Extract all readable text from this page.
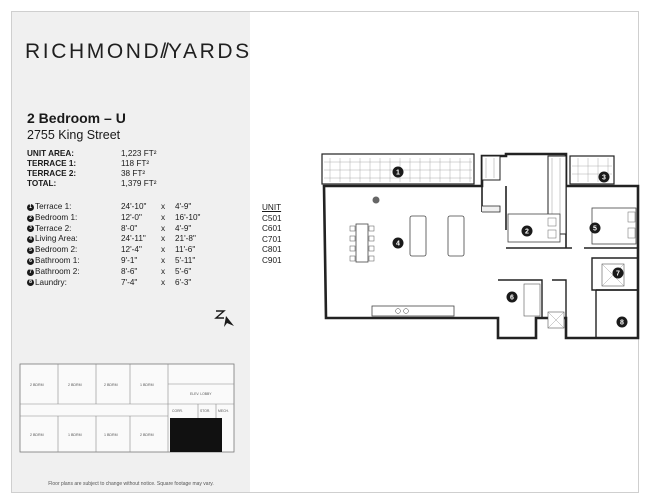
RICHMOND//YARDS
2 Bedroom – U
2755 King Street
UNIT AREA:	1,223 FT²
TERRACE 1:	118 FT²
TERRACE 2:	38 FT²
TOTAL:	1,379 FT²
1 Terrace 1:	24'-10"	x	4'-9"
2 Bedroom 1:	12'-0"	x	16'-10"
3 Terrace 2:	8'-0"	x	4'-9"
4 Living Area:	24'-11"	x	21'-8"
5 Bedroom 2:	12'-4"	x	11'-6"
6 Bathroom 1:	9'-1"	x	5'-11"
7 Bathroom 2:	8'-6"	x	5'-6"
8 Laundry:	7'-4"	x	6'-3"
2 BDRM	2 BDRM	2 BDRM	1 BDRM
2 BDRM	1 BDRM	1 BDRM	2 BDRM
CORR.
ELEV. LOBBY
STOR. MECH.
Floor plans are subject to change without notice. Square footage may vary.
UNIT
C501
C601
C701
C801
C901
1
2
3
4
5
6
7
8
